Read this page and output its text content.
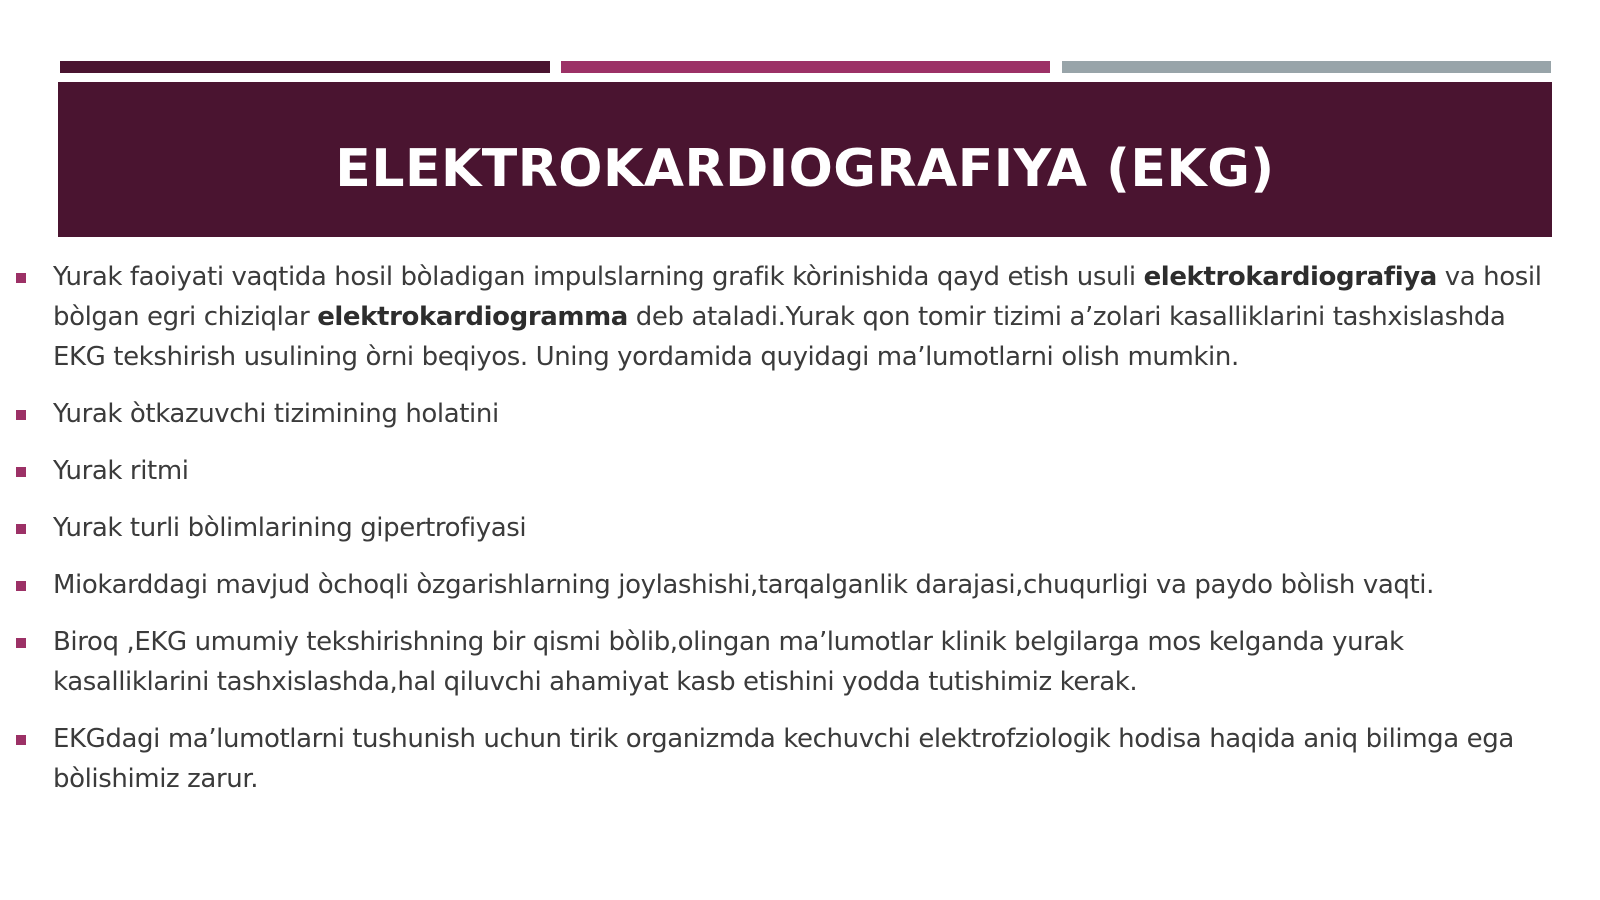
ELEKTROKARDIOGRAFIYA (EKG)
Yurak faoiyati vaqtida hosil bòladigan impulslarning grafik kòrinishida qayd etish usuli elektrokardiografiya va hosil bòlgan egri chiziqlar elektrokardiogramma deb ataladi.Yurak qon tomir tizimi a’zolari kasalliklarini tashxislashda EKG tekshirish usulining òrni beqiyos. Uning yordamida quyidagi ma’lumotlarni olish mumkin.
Yurak òtkazuvchi tizimining holatini
Yurak ritmi
Yurak turli bòlimlarining gipertrofiyasi
Miokarddagi mavjud òchoqli òzgarishlarning joylashishi,tarqalganlik darajasi,chuqurligi va paydo bòlish vaqti.
Biroq ,EKG umumiy tekshirishning bir qismi bòlib,olingan ma’lumotlar klinik belgilarga mos kelganda yurak kasalliklarini tashxislashda,hal qiluvchi ahamiyat kasb etishini yodda tutishimiz kerak.
EKGdagi ma’lumotlarni tushunish uchun tirik organizmda kechuvchi elektrofziologik hodisa haqida aniq bilimga ega bòlishimiz zarur.
